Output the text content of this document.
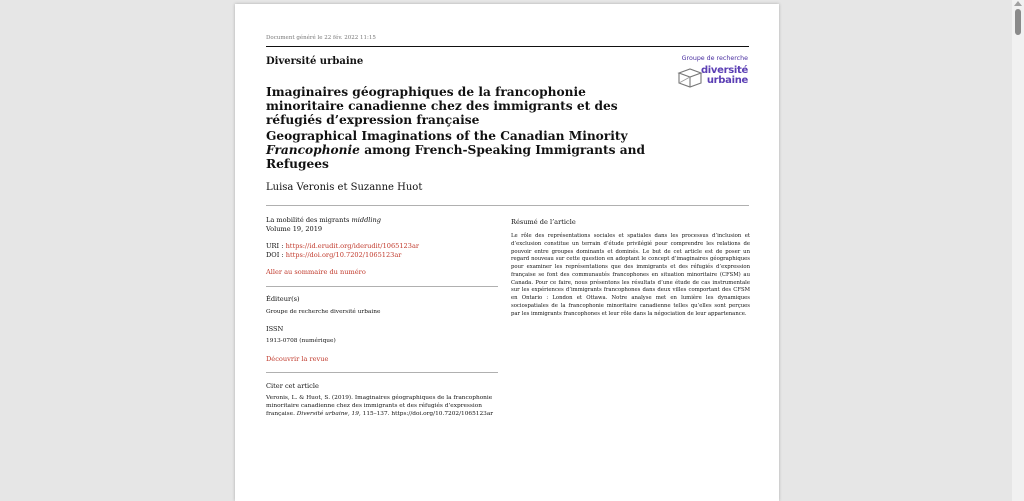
Document généré le 22 fév. 2022 11:15
Diversité urbaine	Groupe de recherche
diversité
urbaine
Imaginaires géographiques de la francophonie minoritaire canadienne chez des immigrants et des réfugiés d’expression française
Geographical Imaginations of the Canadian Minority Francophonie among French-Speaking Immigrants and Refugees
Luisa Veronis et Suzanne Huot

La mobilité des migrants middling

Volume 19, 2019

URI : https://id.erudit.org/iderudit/1065123ar

DOI : https://doi.org/10.7202/1065123ar

Aller au sommaire du numéro

Éditeur(s)

Groupe de recherche diversité urbaine

ISSN

1913-0708 (numérique)

Découvrir la revue

Citer cet article

Veronis, L. & Huot, S. (2019). Imaginaires géographiques de la francophonie minoritaire canadienne chez des immigrants et des réfugiés d’expression française. Diversité urbaine, 19, 115–137. https://doi.org/10.7202/1065123ar

Résumé de l’article

Le rôle des représentations sociales et spatiales dans les processus d’inclusion et d’exclusion constitue un terrain d’étude privilégié pour comprendre les relations de pouvoir entre groupes dominants et dominés. Le but de cet article est de poser un regard nouveau sur cette question en adoptant le concept d’imaginaires géographiques pour examiner les représentations que des immigrants et des réfugiés d’expression française se font des communautés francophones en situation minoritaire (CFSM) au Canada. Pour ce faire, nous présentons les résultats d’une étude de cas instrumentale sur les expériences d’immigrants francophones dans deux villes comportant des CFSM en Ontario : London et Ottawa. Notre analyse met en lumière les dynamiques sociospatiales de la francophonie minoritaire canadienne telles qu’elles sont perçues par les immigrants francophones et leur rôle dans la négociation de leur appartenance.
